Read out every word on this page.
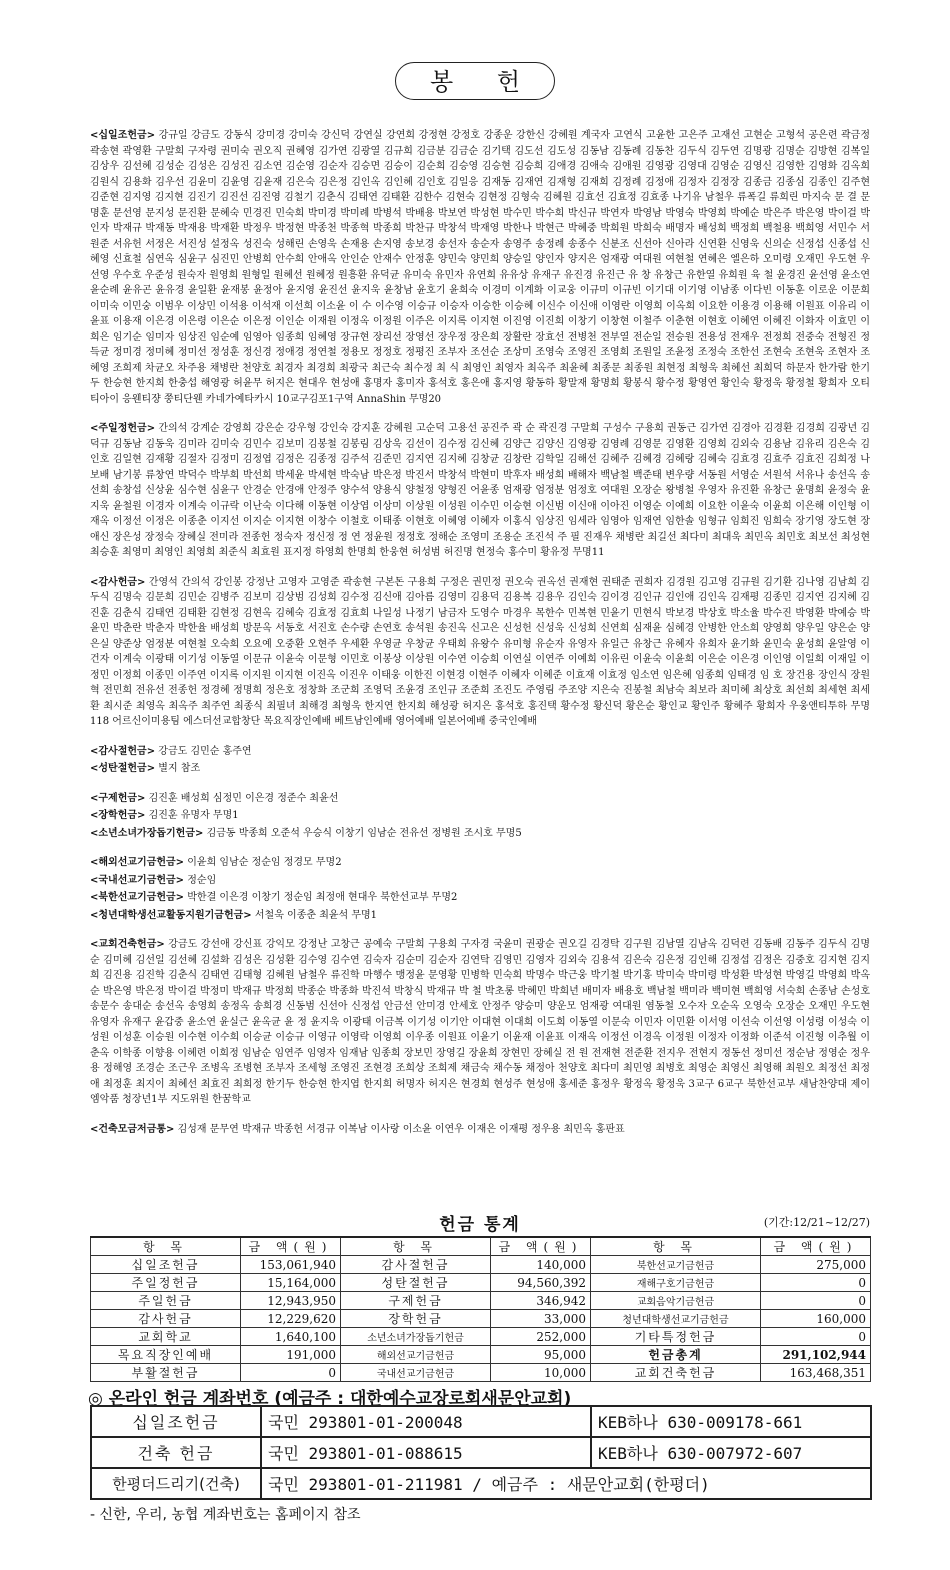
봉 헌

< 십일조헌금 > 강규일 강금도 강동식 강미경 강미숙 강신덕 강연실 강연희 강정현 강정호 강종운 강한신 강혜원 계국자 고연식 고윤한 고은주 고재선 고현순 고형석 공은련 곽금정 곽송현 곽영환 구말희 구자령 권미숙 권오직 권혜영 김가연 김광열 김규희 김금분 김금순 김기택 김도선 김도성 김동남 김동례 김동찬 김두식 김두연 김명광 김명순 김방현 김복일 김상우 김선혜 김성순 김성은 김성진 김소연 김순영 김순자 김승면 김승이 김순희 김승영 김승현 김승희 김애경 김애숙 김애원 김영광 김영대 김영순 김영신 김영한 김영화 김옥희 김원식 김용화 김우선 김윤미 김윤영 김윤재 김은숙 김은정 김인옥 김인혜 김인호 김일응 김재동 김재연 김재형 김재희 김정례 김정애 김정자 김정장 김종금 김종심 김종인 김주현 김준현 김지영 김지현 김진기 김진선 김진영 김철기 김춘식 김태연 김태환 김한수 김현숙 김현정 김형숙 김혜원 김효선 김효정 김효종 나기유 남철우 류폭길 류희린 마지숙 문 결 문명훈 문선영 문지성 문진환 문혜숙 민경진 민숙희 박미경 박미례 박병석 박배용 박보연 박성현 박수민 박수희 박신규 박연자 박영남 박영숙 박영희 박예순 박은주 박은영 박이걸 박인자 박재규 박재동 박재용 박재환 박정우 박정현 박종천 박종혁 박종희 박찬규 박창석 박재영 박한나 박현근 박혜중 박희원 박희숙 배명자 배성희 백정희 백철용 백희영 서민수 서원준 서유헌 서정은 서진성 설정옥 성진숙 성해린 손영욱 손재용 손지영 송보경 송선자 송순자 송영주 송정례 송종수 신분조 신선아 신아라 신연환 신영욱 신의순 신정섭 신종섭 신혜영 신효철 심연옥 심윤구 심진민 안병희 안수희 안애옥 안인순 안재수 안정훈 양민숙 양민희 양승일 양인자 양지은 엄재광 여대원 여현철 연혜은 엘은하 오미령 오재민 우도현 우선영 우수호 우준성 원숙자 원영희 원형일 원혜선 원혜정 원흥환 유덕균 유미숙 유민자 유연희 유유상 유재구 유진경 유진근 유 창 유창근 유한열 유희원 육 철 윤경진 윤선영 윤소연 윤순례 윤유곤 윤유경 윤일환 윤재봉 윤정아 윤지영 윤진선 윤지욱 윤창남 윤호기 윤희숙 이경미 이계화 이교웅 이규미 이규빈 이기대 이기영 이남종 이다빈 이동훈 이로운 이문희 이미숙 이민숭 이범우 이상민 이석용 이석재 이선희 이소윤 이 수 이수영 이승규 이승자 이승한 이승혜 이신수 이신애 이영란 이영희 이옥희 이요한 이용경 이용해 이원표 이유리 이윤표 이용재 이은경 이은령 이은순 이은정 이인순 이재원 이정옥 이정원 이주은 이지록 이지현 이진영 이진희 이창기 이창현 이철주 이춘현 이현호 이혜연 이혜진 이화자 이효민 이희은 임기순 임미자 임상진 임순예 임영아 임종희 임혜영 장규현 장리선 장영선 장우정 장은희 장활란 장효선 전병천 전부열 전순일 전승원 전용성 전재우 전정희 전중숙 전형진 정득균 정미경 정미혜 정미선 정성훈 정신경 정애경 정연철 정용모 정정호 정평진 조부자 조선순 조상미 조영숙 조영진 조영희 조원일 조윤정 조정숙 조한선 조현숙 조현욱 조현자 조혜영 조희제 차균오 차주용 채병란 천양호 최경자 최경희 최광국 최근숙 최수정 최 식 최영인 최영자 최옥주 최윤혜 최종문 최종원 최현정 최형욱 최혜선 최희덕 하문자 한가람 한기두 한승현 한지희 한충섭 해영광 허윤무 허지은 현대우 현성애 홍명자 홍미자 홍석호 홍은애 홍지영 황동하 황말재 황명희 황봉식 황수정 황영연 황인숙 황정욱 황정철 황희자 오티티아이 응웬티쟝 쭝티단웬 카네가예타카시 10교구김포1구역 AnnaShin 무명20

< 주일정헌금 > 간의석 강계순 강영희 강은순 강우형 강인숙 강지훈 강혜원 고순덕 고용선 공진주 곽 순 곽진경 구말희 구성수 구용희 권동근 김가연 김경아 김경환 김경희 김광년 김덕규 김동남 김동욱 김미라 김미숙 김민수 김보미 김봉철 김봉림 김상욱 김선이 김수정 김신혜 김양근 김양신 김영광 김영례 김영문 김영환 김영희 김외숙 김용남 김유리 김은숙 김인호 김일현 김재황 김절자 김정미 김정엽 김정은 김종정 김주석 김준민 김지연 김지혜 김창균 김창란 김학일 김해선 김혜주 김혜경 김혜랑 김혜숙 김효경 김효주 김효진 김희정 나보배 남기봉 류창연 박덕수 박부희 박선희 박세윤 박세현 박숙남 박은정 박진서 박창석 박현미 박후자 배성희 배해자 백남철 백준태 변우량 서동원 서영순 서원석 서유나 송선옥 송선희 송창섭 신상윤 심수현 심윤구 안경순 안경애 안정주 양수석 양용식 양철정 양형진 어윤종 엄재광 엄정분 엄정호 여대원 오장순 왕병철 우영자 유진환 유창근 윤명희 윤정숙 윤지욱 윤철원 이경자 이계숙 이규락 이난숙 이다해 이동현 이상엽 이상미 이상원 이성원 이수민 이승현 이신범 이신애 이아진 이영순 이예희 이요한 이윤숙 이윤희 이은해 이인형 이재옥 이정선 이정은 이종춘 이지선 이지순 이지현 이창수 이철호 이태종 이현호 이혜영 이혜자 이홍식 임상진 임세라 임영아 임재연 임한솔 임형규 임희진 임희숙 장기영 장도현 장애신 장은성 장정숙 장혜실 전미라 전종헌 정숙자 정신정 정 연 정윤원 정정호 정해순 조영미 조용순 조진석 주 필 진재우 채병란 최길선 최다미 최대욱 최민옥 최민호 최보선 최성현 최승훈 최영미 최영인 최영희 최준식 최효원 표지정 하영희 한명희 한웅현 허성범 허진명 현정숙 홍수미 황유정 무명11

< 감사헌금 > 간영석 간의석 강인봉 강정난 고영자 고영준 곽송현 구본돈 구용희 구정은 권민정 권오숙 권옥선 권재현 권태준 권희자 김경원 김고영 김규원 김기환 김나영 김남희 김두식 김명숙 김문희 김민순 김병주 김보미 김상범 김성희 김수정 김신애 김아름 김영미 김용덕 김용복 김용우 김인숙 김이경 김인규 김인애 김인옥 김재평 김종민 김지연 김지혜 김진훈 김춘식 김태연 김태환 김현정 김현옥 김혜숙 김효정 김효희 나일성 나정기 남금자 도영수 마경우 목한수 민복현 민윤기 민현식 박보경 박상호 박소율 박수진 박영환 박예승 박윤민 박춘란 박춘자 박한율 배성희 방문옥 서동호 서진호 손수량 손연호 송석원 송진옥 신고은 신성헌 신성욱 신성희 신연희 심재윤 심혜경 안병한 안소희 양영희 양우일 양은순 양은실 양준상 엄정분 여현철 오숙희 오요예 오중환 오현주 우세환 우영균 우창균 우태희 유왕수 유미형 유순자 유영자 유일근 유창근 유혜자 유희자 윤기화 윤민숙 윤성희 윤알영 이건자 이계숙 이광태 이기성 이동열 이문규 이윤숙 이문형 이민호 이봉상 이상원 이수연 이승희 이연실 이연주 이예희 이유린 이윤숙 이윤희 이은순 이은경 이인영 이일희 이재일 이정민 이정희 이종민 이주연 이지록 이지원 이지현 이진옥 이진우 이태웅 이한진 이현경 이현주 이혜자 이혜준 이효재 이효정 임소연 임은혜 임종희 임태경 임 호 장건용 장인식 장원혁 전민희 전유선 전종헌 정경혜 정명희 정은호 정창화 조군희 조영덕 조윤경 조인규 조준희 조진도 주영림 주조양 지은숙 진봉철 최남숙 최보라 최미혜 최상호 최선희 최세현 최세환 최시준 최영옥 최옥주 최주연 최종식 최필녀 최해경 최형욱 한지연 한지희 해성광 허지은 홍석호 홍진택 황수정 황신덕 황은순 황인교 황인주 황혜주 황희자 우웅앤티투하 무명118 어르신이미용팀 에스더선교합창단 목요직장인예배 베트남인예배 영어예배 일본어예배 중국인예배

< 감사절헌금 > 강금도 김민순 홍주연

< 성탄절헌금 > 별지 참조

< 구제헌금 > 김진훈 배성희 심정민 이은경 정준수 최윤선

< 장학헌금 > 김진훈 유명자 무명1

< 소년소녀가장돕기헌금 > 김금동 박종희 오준석 우승식 이창기 임남순 전유선 정병원 조시호 무명5

< 해외선교기금헌금 > 이윤희 임남순 정순임 정경모 무명2

< 국내선교기금헌금 > 정순임

< 북한선교기금헌금 > 박한결 이은경 이창기 정순임 최정애 현대우 북한선교부 무명2

< 청년대학생선교활동지원기금헌금 > 서철욱 이종춘 최윤석 무명1

< 교회건축헌금 > 강금도 강선애 강신표 강익모 강정난 고창근 공예숙 구말희 구용희 구자경 국윤미 권광순 권오길 김경탁 김구원 김남열 김남옥 김덕련 김동배 김동주 김두식 김명순 김미혜 김선일 김선혜 김설화 김성은 김성환 김수영 김수연 김숙자 김순미 김순자 김연탁 김영민 김영자 김외숙 김용석 김은숙 김은정 김인해 김정섭 김정은 김중호 김지현 김지희 김진용 김진학 김춘식 김태연 김태형 김혜원 남철우 류진학 마행수 맹정윤 문영황 민병학 민숙희 박명수 박근웅 박기철 박기홍 박미숙 박미령 박성환 박성현 박영길 박영희 박옥순 박은영 박은정 박이걸 박정미 박재규 박정희 박종순 박종화 박진석 박창식 박재규 박 철 박초롱 박혜민 박희년 배미자 배용호 백남철 백미라 백미현 백희영 서숙희 손종남 손성호 송문수 송대순 송선옥 송영희 송정옥 송희경 신동범 신선아 신정섭 안금선 안미경 안세호 안정주 양승미 양운모 엄재광 여대원 염동철 오수자 오순옥 오영숙 오장순 오재민 우도현 유영자 유재구 윤갑중 윤소연 윤실근 윤옥균 윤 정 윤지욱 이광태 이금복 이기성 이기안 이대현 이대희 이도희 이동열 이문숙 이민자 이민환 이서영 이선숙 이선영 이성령 이성숙 이성원 이성훈 이승원 이수현 이수희 이승균 이승규 이영규 이영락 이영희 이우종 이원표 이윤기 이윤재 이윤표 이재옥 이정선 이경옥 이정원 이정자 이정화 이준석 이진형 이추월 이춘옥 이학종 이향용 이혜련 이희정 임남순 임연주 임영자 임재남 임종희 장보민 장영길 장윤희 장현민 장혜실 전 원 전재현 전준환 전지우 전현지 정동선 정미선 정순남 정영순 정우용 정해영 조경순 조근우 조병옥 조병현 조부자 조세형 조영진 조현경 조희상 조희제 채금숙 채수동 채정아 천양호 최다미 최민영 최병호 최영순 최영신 최영해 최원오 최정선 최정애 최정훈 최지이 최혜선 최효진 최희정 한기두 한승현 한지엽 한지희 허명자 허지은 현경희 현성주 현성애 홍세준 홍정우 황정옥 황정욱 3교구 6교구 북한선교부 새남찬양대 제이엠악품 청장년1부 지도위원 한꿈학교

< 건축모금저금통 > 김성재 문무연 박재규 박종헌 서경규 이복남 이사랑 이소윤 이연우 이재은 이재평 정우용 최민옥 홍판표

헌금 통계	(기간:12/21~12/27)
항 목	금 액(원)	항 목	금 액(원)	항 목	금 액(원)
십일조헌금	153,061,940	감사절헌금	140,000	북한선교기금헌금	275,000
주일정헌금	15,164,000	성탄절헌금	94,560,392	재해구호기금헌금	0
주일헌금	12,943,950	구제헌금	346,942	교회음악기금헌금	0
감사헌금	12,229,620	장학헌금	33,000	청년대학생선교기금헌금	160,000
교회학교	1,640,100	소년소녀가장돕기헌금	252,000	기타특정헌금	0
목요직장인예배	191,000	해외선교기금헌금	95,000	헌금총계	291,102,944
부활절헌금	0	국내선교기금헌금	10,000	교회건축헌금	163,468,351
◎ 온라인 헌금 계좌번호 (예금주 : 대한예수교장로회새문안교회)
십일조헌금	국민 293801-01-200048	KEB하나 630-009178-661
건축 헌금	국민 293801-01-088615	KEB하나 630-007972-607
한평더드리기(건축)	국민 293801-01-211981 / 예금주 : 새문안교회(한평더)	
- 신한, 우리, 농협 계좌번호는 홈페이지 참조
